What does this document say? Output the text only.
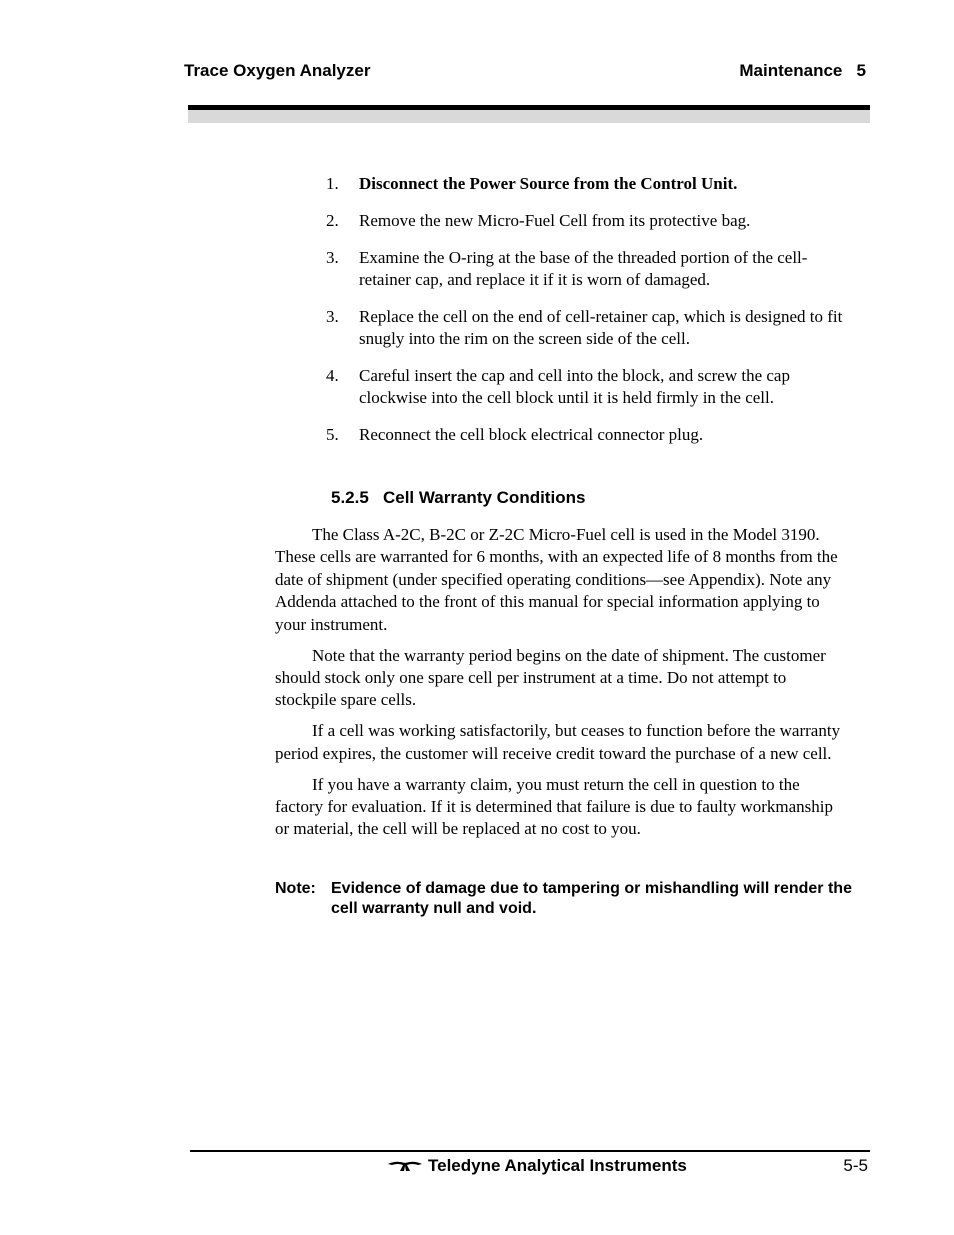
Trace Oxygen Analyzer	Maintenance   5
1.	Disconnect the Power Source from the Control Unit.
2.	Remove the new Micro-Fuel Cell from its protective bag.
3.	Examine the O-ring at the base of the threaded portion of the cell-retainer cap, and replace it if it is worn of damaged.
3.	Replace the cell on the end of cell-retainer cap, which is designed to fit snugly into the rim on the screen side of the cell.
4.	Careful insert the cap and cell into the block, and screw the cap clockwise into the cell block until it is held firmly in the cell.
5.	Reconnect the cell block electrical connector plug.
5.2.5   Cell Warranty Conditions

The Class A-2C, B-2C or Z-2C Micro-Fuel cell is used in the Model 3190. These cells are warranted for 6 months, with an expected life of 8 months from the date of shipment (under specified operating conditions—see Appendix). Note any Addenda attached to the front of this manual for special information applying to your instrument.

Note that the warranty period begins on the date of shipment. The customer should stock only one spare cell per instrument at a time. Do not attempt to stockpile spare cells.

If a cell was working satisfactorily, but ceases to function before the warranty period expires, the customer will receive credit toward the purchase of a new cell.

If you have a warranty claim, you must return the cell in question to the factory for evaluation. If it is determined that failure is due to faulty workmanship or material, the cell will be replaced at no cost to you.

Note: Evidence of damage due to tampering or mishandling will render the cell warranty null and void.
Teledyne Analytical Instruments	5-5
